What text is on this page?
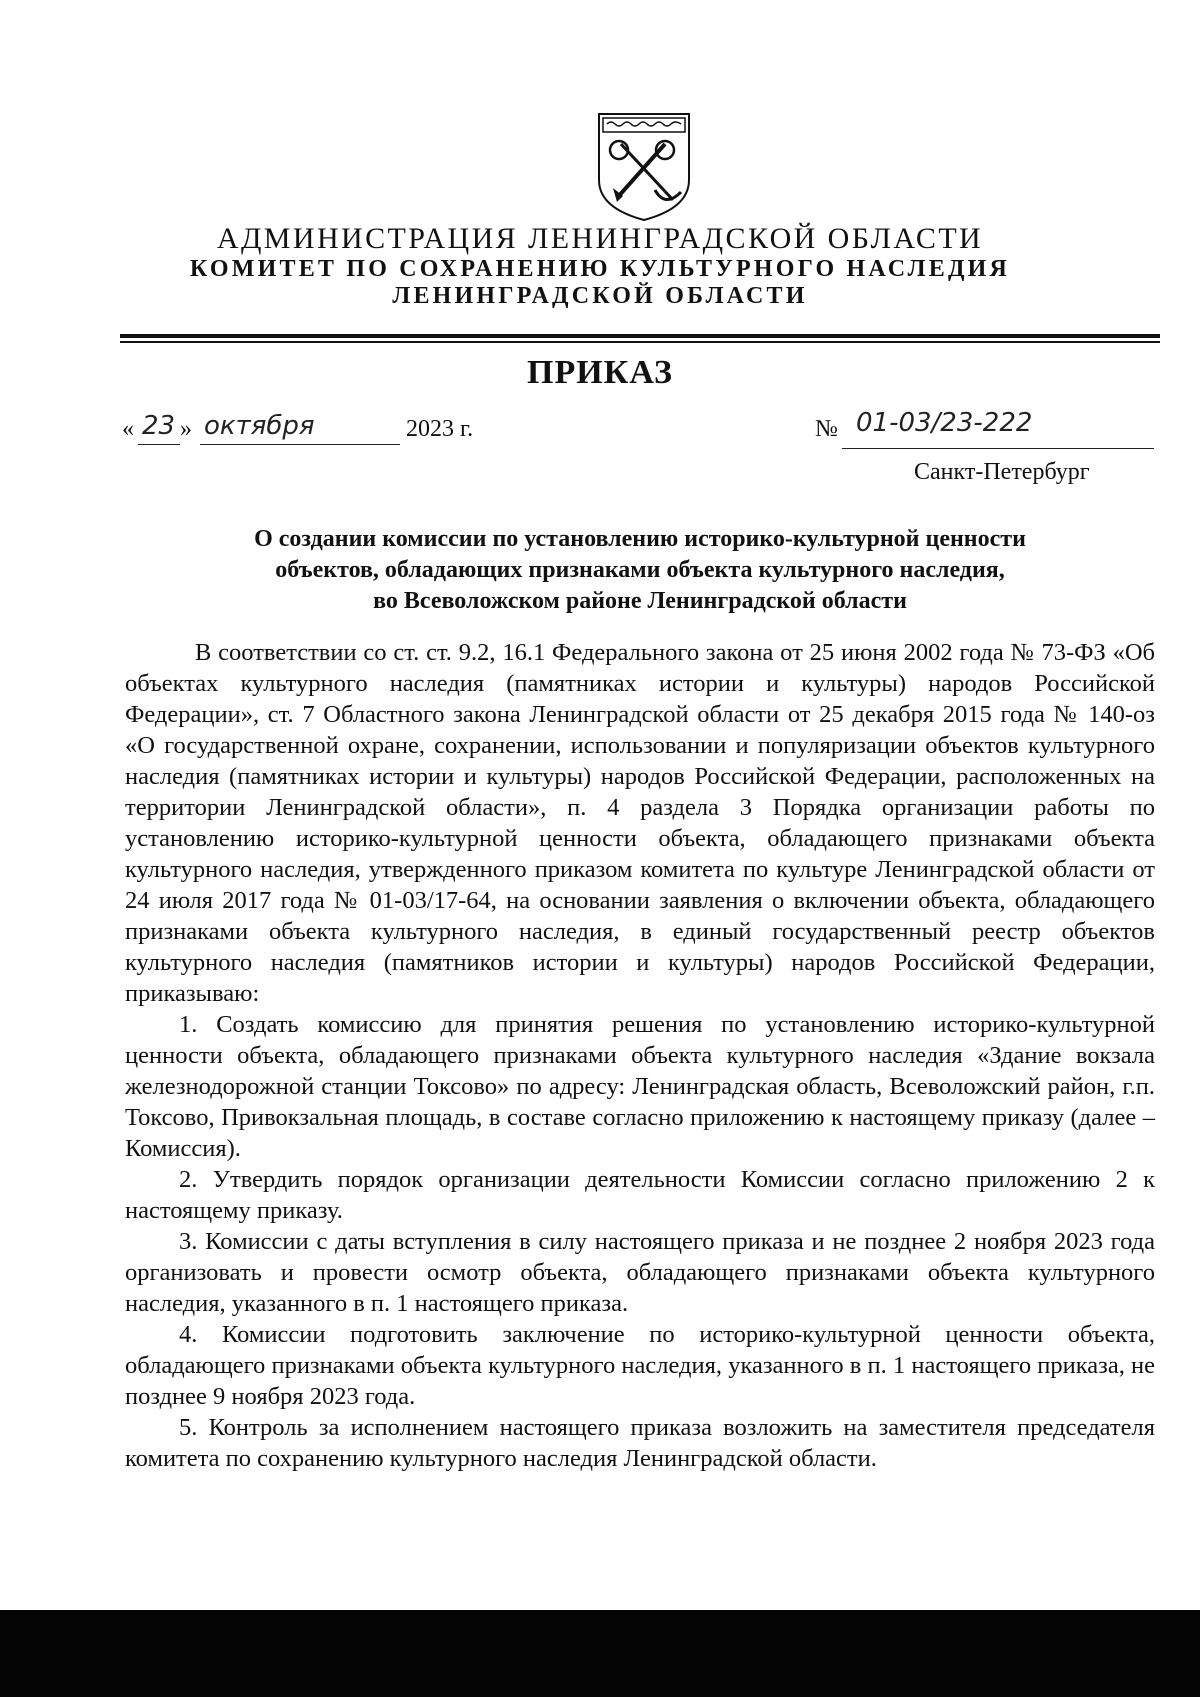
АДМИНИСТРАЦИЯ ЛЕНИНГРАДСКОЙ ОБЛАСТИ
КОМИТЕТ ПО СОХРАНЕНИЮ КУЛЬТУРНОГО НАСЛЕДИЯ
ЛЕНИНГРАДСКОЙ ОБЛАСТИ
ПРИКАЗ
« 23 » октября	2023 г.	№ 01-03/23-222
Санкт-Петербург
О создании комиссии по установлению историко-культурной ценности
объектов, обладающих признаками объекта культурного наследия,
во Всеволожском районе Ленинградской области

В соответствии со ст. ст. 9.2, 16.1 Федерального закона от 25 июня 2002 года № 73-ФЗ «Об объектах культурного наследия (памятниках истории и культуры) народов Российской Федерации», ст. 7 Областного закона Ленинградской области от 25 декабря 2015 года № 140-оз «О государственной охране, сохранении, использовании и популяризации объектов культурного наследия (памятниках истории и культуры) народов Российской Федерации, расположенных на территории Ленинградской области», п. 4 раздела 3 Порядка организации работы по установлению историко-культурной ценности объекта, обладающего признаками объекта культурного наследия, утвержденного приказом комитета по культуре Ленинградской области от 24 июля 2017 года № 01-03/17-64, на основании заявления о включении объекта, обладающего признаками объекта культурного наследия, в единый государственный реестр объектов культурного наследия (памятников истории и культуры) народов Российской Федерации, приказываю:

1. Создать комиссию для принятия решения по установлению историко-культурной ценности объекта, обладающего признаками объекта культурного наследия «Здание вокзала железнодорожной станции Токсово» по адресу: Ленинградская область, Всеволожский район, г.п. Токсово, Привокзальная площадь, в составе согласно приложению к настоящему приказу (далее – Комиссия).

2. Утвердить порядок организации деятельности Комиссии согласно приложению 2 к настоящему приказу.

3. Комиссии с даты вступления в силу настоящего приказа и не позднее 2 ноября 2023 года организовать и провести осмотр объекта, обладающего признаками объекта культурного наследия, указанного в п. 1 настоящего приказа.

4. Комиссии подготовить заключение по историко-культурной ценности объекта, обладающего признаками объекта культурного наследия, указанного в п. 1 настоящего приказа, не позднее 9 ноября 2023 года.

5. Контроль за исполнением настоящего приказа возложить на заместителя председателя комитета по сохранению культурного наследия Ленинградской области.
